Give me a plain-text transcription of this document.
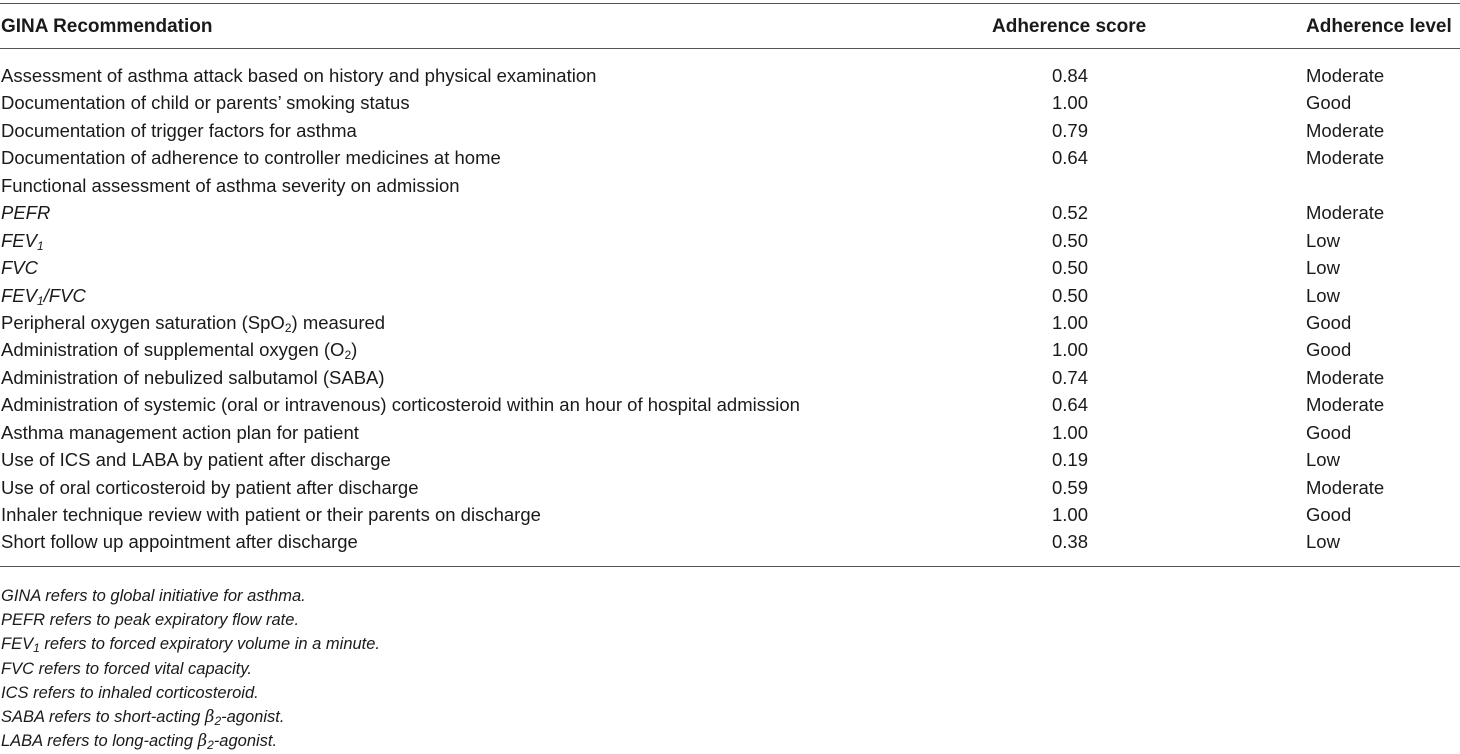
GINA Recommendation	Adherence score	Adherence level
Assessment of asthma attack based on history and physical examination	0.84	Moderate
Documentation of child or parents’ smoking status	1.00	Good
Documentation of trigger factors for asthma	0.79	Moderate
Documentation of adherence to controller medicines at home	0.64	Moderate
Functional assessment of asthma severity on admission
PEFR	0.52	Moderate
$FEV_1$	0.50	Low
FVC	0.50	Low
$FEV_1$/FVC	0.50	Low
Peripheral oxygen saturation (SpO$_2$) measured	1.00	Good
Administration of supplemental oxygen $(O_2)$	1.00	Good
Administration of nebulized salbutamol (SABA)	0.74	Moderate
Administration of systemic (oral or intravenous) corticosteroid within an hour of hospital admission	0.64	Moderate
Asthma management action plan for patient	1.00	Good
Use of ICS and LABA by patient after discharge	0.19	Low
Use of oral corticosteroid by patient after discharge	0.59	Moderate
Inhaler technique review with patient or their parents on discharge	1.00	Good
Short follow up appointment after discharge	0.38	Low
GINA refers to global initiative for asthma.
PEFR refers to peak expiratory flow rate.
$FEV_1$ refers to forced expiratory volume in a minute.
FVC refers to forced vital capacity.
ICS refers to inhaled corticosteroid.
SABA refers to short-acting $\beta_2$-agonist.
LABA refers to long-acting $\beta_2$-agonist.
